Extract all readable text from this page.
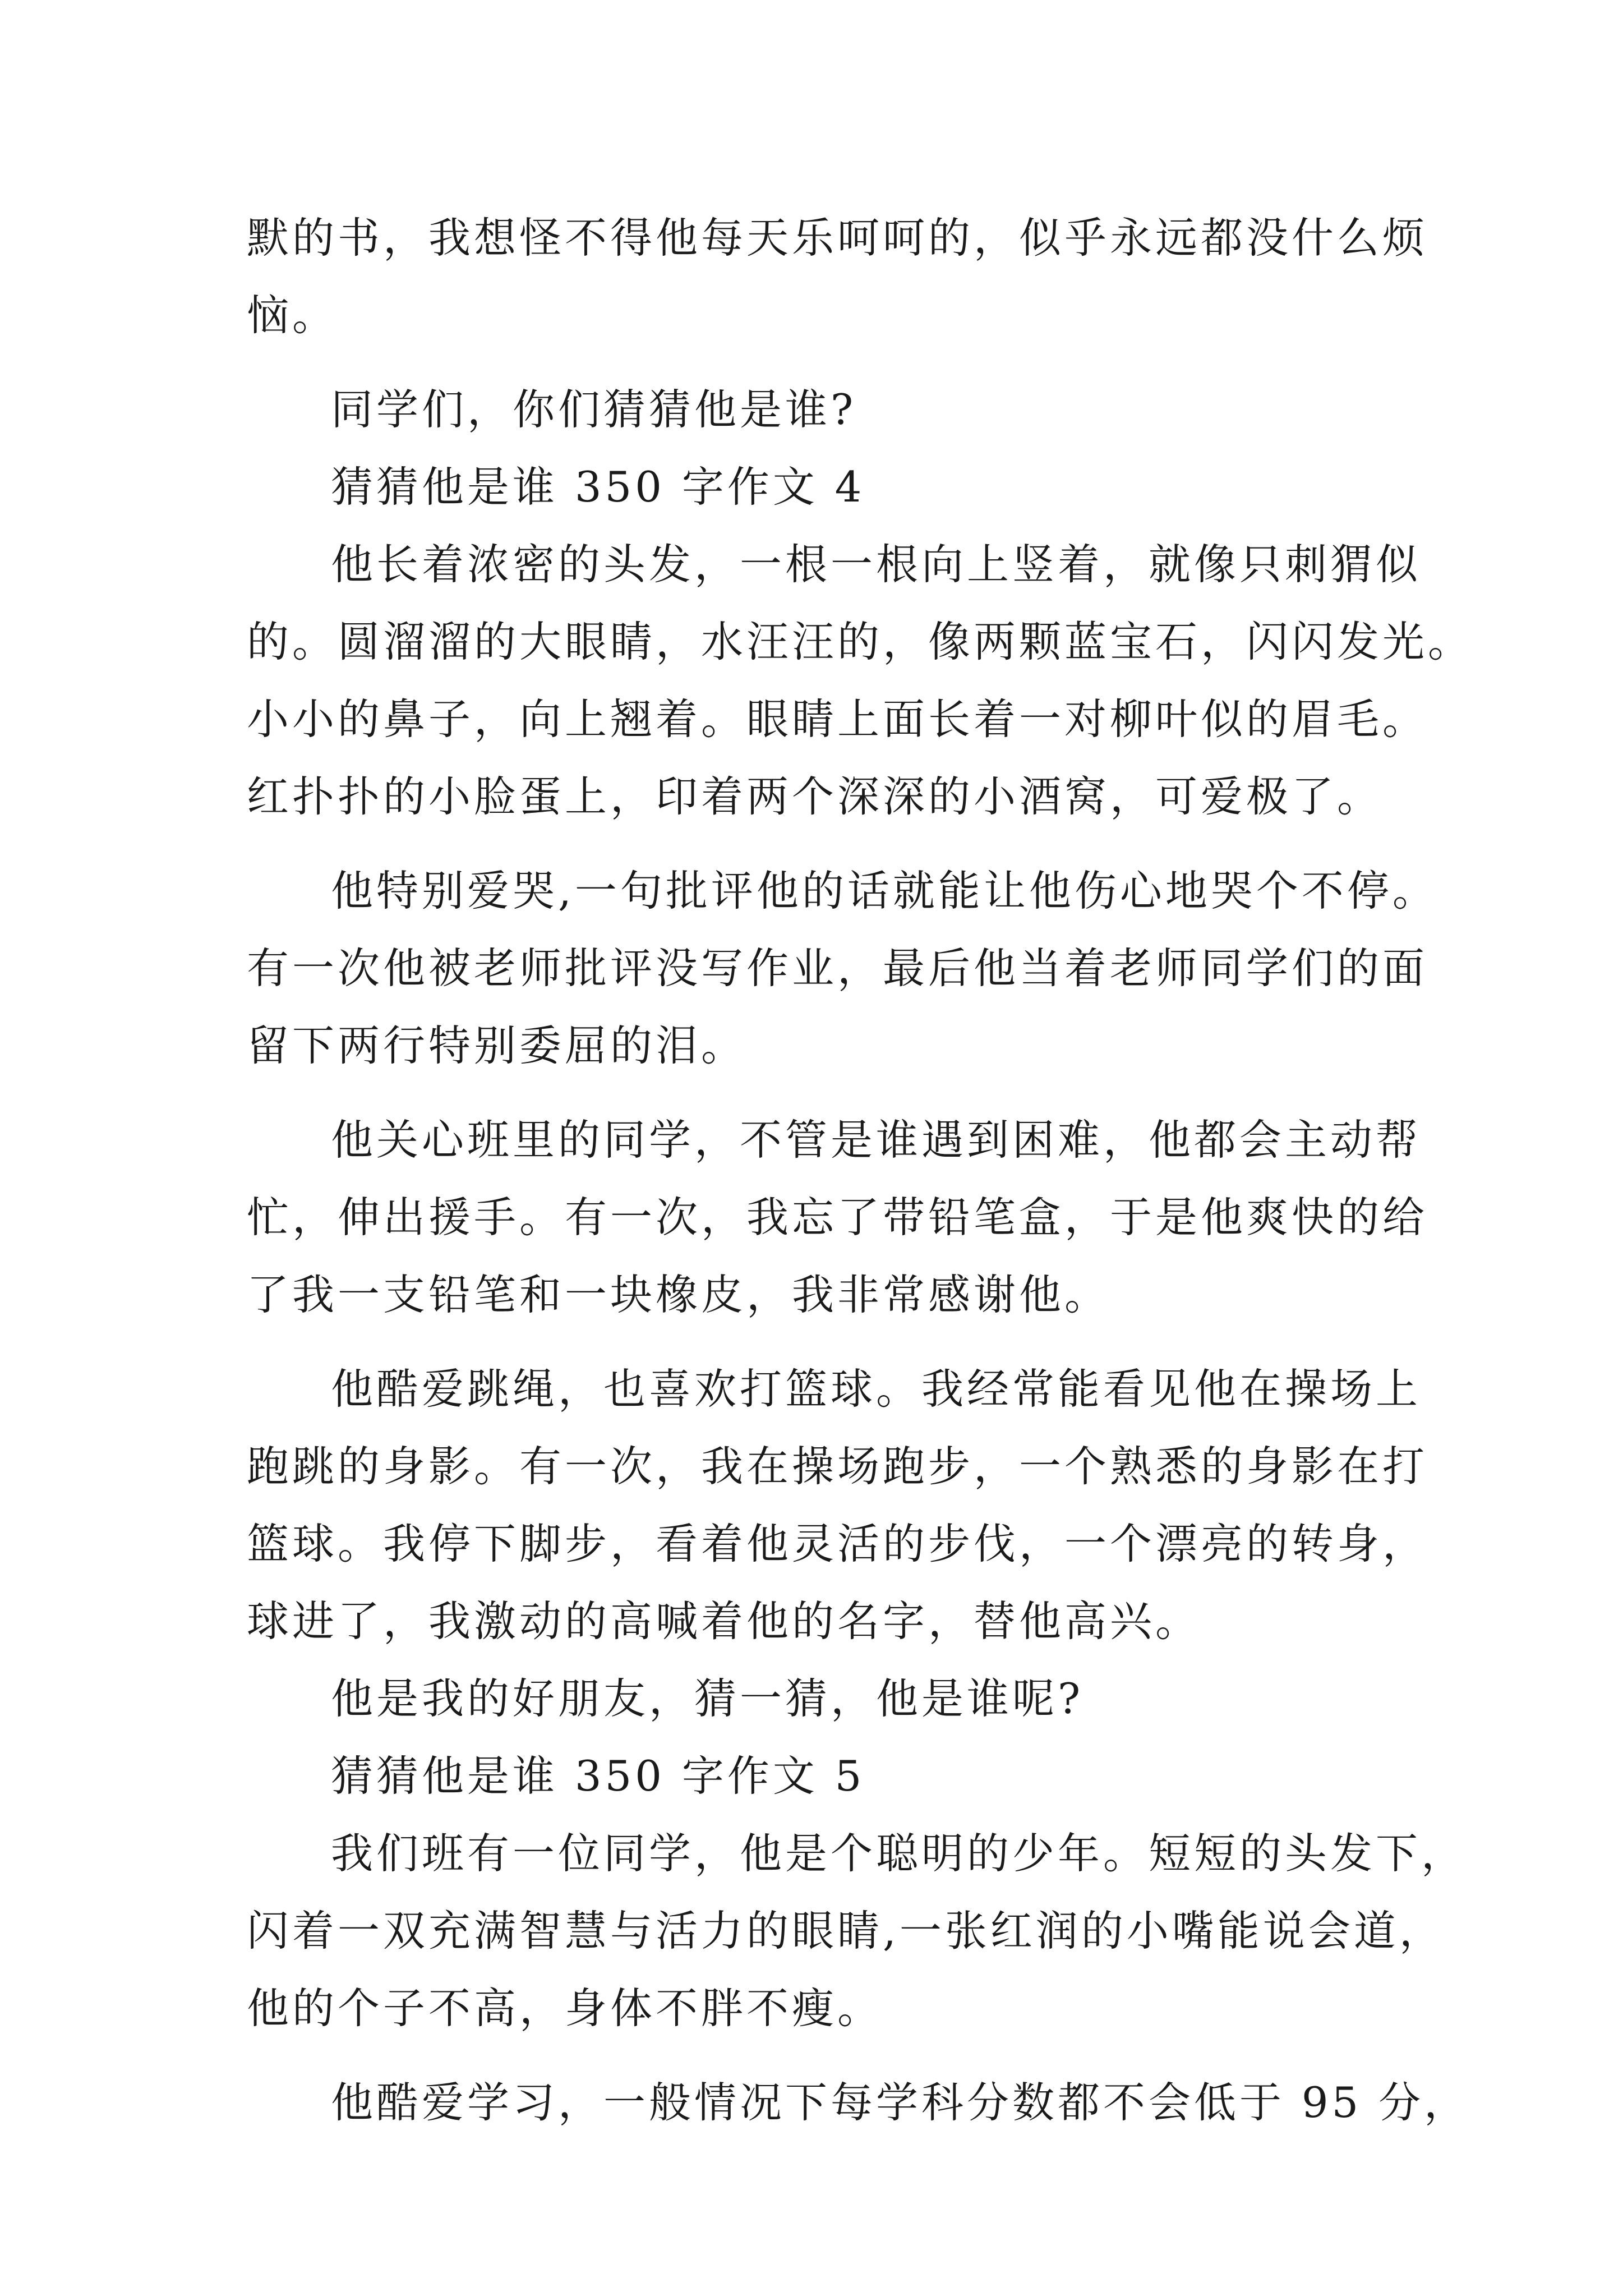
默的书，我想怪不得他每天乐呵呵的，似乎永远都没什么烦

恼。

同学们，你们猜猜他是谁?

猜猜他是谁 350 字作文 4

他长着浓密的头发，一根一根向上竖着，就像只刺猬似

的。圆溜溜的大眼睛，水汪汪的，像两颗蓝宝石，闪闪发光。

小小的鼻子，向上翘着。眼睛上面长着一对柳叶似的眉毛。

红扑扑的小脸蛋上，印着两个深深的小酒窝，可爱极了。

他特别爱哭,一句批评他的话就能让他伤心地哭个不停。

有一次他被老师批评没写作业，最后他当着老师同学们的面

留下两行特别委屈的泪。

他关心班里的同学，不管是谁遇到困难，他都会主动帮

忙，伸出援手。有一次，我忘了带铅笔盒，于是他爽快的给

了我一支铅笔和一块橡皮，我非常感谢他。

他酷爱跳绳，也喜欢打篮球。我经常能看见他在操场上

跑跳的身影。有一次，我在操场跑步，一个熟悉的身影在打

篮球。我停下脚步，看着他灵活的步伐，一个漂亮的转身，

球进了，我激动的高喊着他的名字，替他高兴。

他是我的好朋友，猜一猜，他是谁呢?

猜猜他是谁 350 字作文 5

我们班有一位同学，他是个聪明的少年。短短的头发下，

闪着一双充满智慧与活力的眼睛,一张红润的小嘴能说会道，

他的个子不高，身体不胖不瘦。

他酷爱学习，一般情况下每学科分数都不会低于 95 分，
